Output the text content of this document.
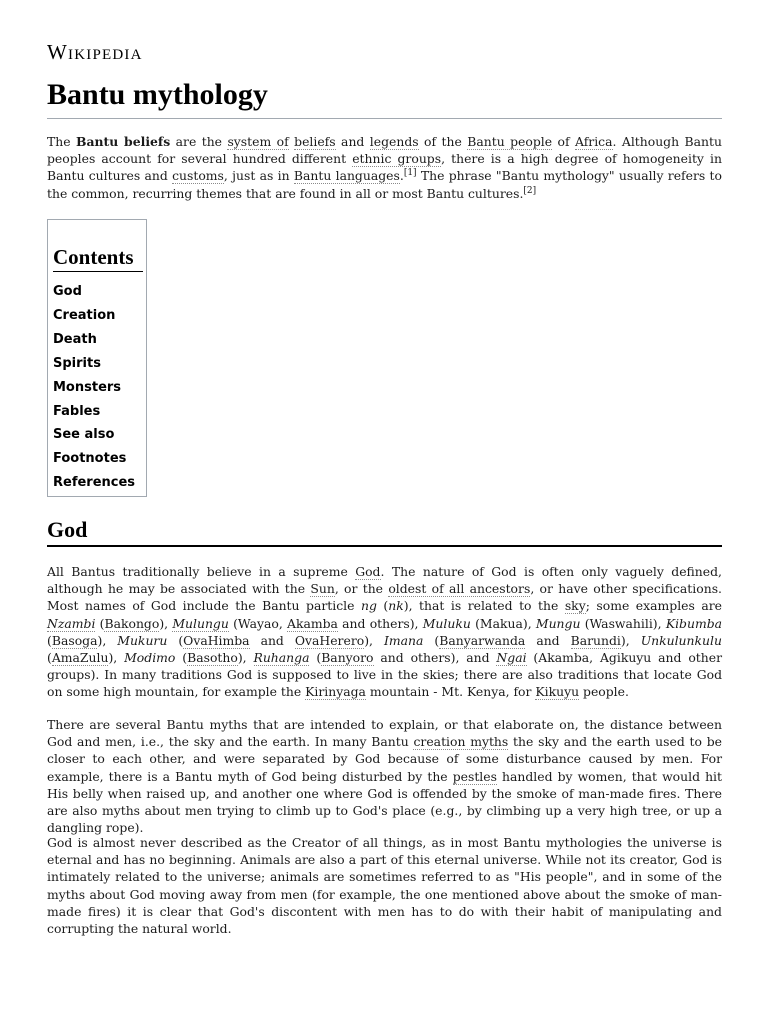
Wikipedia
Bantu mythology

The Bantu beliefs are the system of beliefs and legends of the Bantu people of Africa. Although Bantu peoples account for several hundred different ethnic groups, there is a high degree of homogeneity in Bantu cultures and customs, just as in Bantu languages.[1] The phrase "Bantu mythology" usually refers to the common, recurring themes that are found in all or most Bantu cultures.[2]

Contents
God
Creation
Death
Spirits
Monsters
Fables
See also
Footnotes
References
God

All Bantus traditionally believe in a supreme God. The nature of God is often only vaguely defined, although he may be associated with the Sun, or the oldest of all ancestors, or have other specifications. Most names of God include the Bantu particle ng (nk), that is related to the sky; some examples are Nzambi (Bakongo), Mulungu (Wayao, Akamba and others), Muluku (Makua), Mungu (Waswahili), Kibumba (Basoga), Mukuru (OvaHimba and OvaHerero), Imana (Banyarwanda and Barundi), Unkulunkulu (AmaZulu), Modimo (Basotho), Ruhanga (Banyoro and others), and Ngai (Akamba, Agikuyu and other groups). In many traditions God is supposed to live in the skies; there are also traditions that locate God on some high mountain, for example the Kirinyaga mountain - Mt. Kenya, for Kikuyu people.

There are several Bantu myths that are intended to explain, or that elaborate on, the distance between God and men, i.e., the sky and the earth. In many Bantu creation myths the sky and the earth used to be closer to each other, and were separated by God because of some disturbance caused by men. For example, there is a Bantu myth of God being disturbed by the pestles handled by women, that would hit His belly when raised up, and another one where God is offended by the smoke of man-made fires. There are also myths about men trying to climb up to God's place (e.g., by climbing up a very high tree, or up a dangling rope).

God is almost never described as the Creator of all things, as in most Bantu mythologies the universe is eternal and has no beginning. Animals are also a part of this eternal universe. While not its creator, God is intimately related to the universe; animals are sometimes referred to as "His people", and in some of the myths about God moving away from men (for example, the one mentioned above about the smoke of man-made fires) it is clear that God's discontent with men has to do with their habit of manipulating and corrupting the natural world.
